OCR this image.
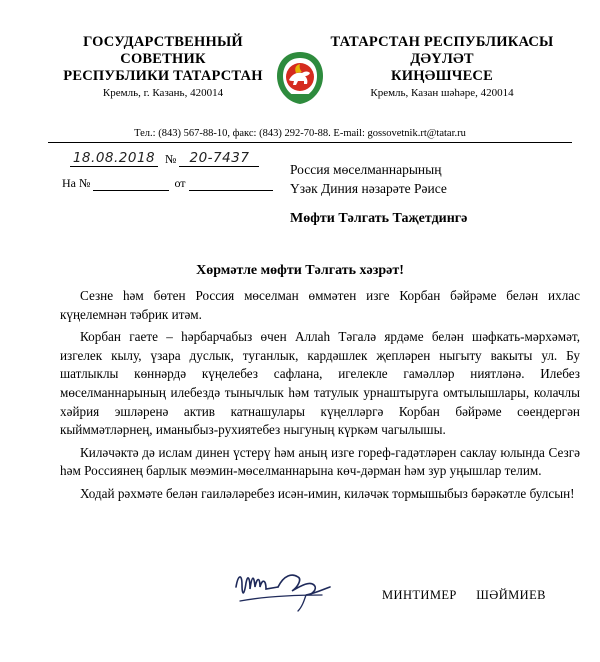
ГОСУДАРСТВЕННЫЙ
СОВЕТНИК
РЕСПУБЛИКИ ТАТАРСТАН
Кремль, г. Казань, 420014
ТАТАРСТАН РЕСПУБЛИКАСЫ
ДӘҮЛӘТ
КИҢӘШЧЕСЕ
Кремль, Казан шәһәре, 420014
Тел.: (843) 567-88-10, факс: (843) 292-70-88. E-mail: gossovetnik.rt@tatar.ru
18.08.2018 № 20-7437
На №	от
Россия мөселманнарының
Үзәк Диния нәзарәте Рәисе
Мөфти Тәлгать Таҗетдингә
Хөрмәтле мөфти Тәлгать хәзрәт!

Сезне һәм бөтен Россия мөселман өммәтен изге Корбан бәйрәме белән ихлас күңелемнән тәбрик итәм.

Корбан гаете – һәрбарчабыз өчен Аллаһ Тәгалә ярдәме белән шәфкать-мәрхәмәт, изгелек кылу, үзара дуслык, туганлык, кардәшлек җепләрен ныгыту вакыты ул. Бу шатлыклы көннәрдә күңелебез сафлана, игелекле гамәлләр ниятләнә. Илебез мөселманнарының илебездә тынычлык һәм татулык урнаштыруга омтылышлары, колачлы хәйрия эшләренә актив катнашулары күңелләргә Корбан бәйрәме сөендергән кыйммәтләрнең, иманыбыз-рухиятебез ныгуның күркәм чагылышы.

Киләчәктә дә ислам динен үстерү һәм аның изге гореф-гадәтләрен саклау юлында Сезгә һәм Россиянең барлык мөэмин-мөселманнарына көч-дәрман һәм зур уңышлар телим.

Ходай рәхмәте белән гаиләләребез исән-имин, киләчәк тормышыбыз бәрәкәтле булсын!

МИНТИМЕР ШӘЙМИЕВ
